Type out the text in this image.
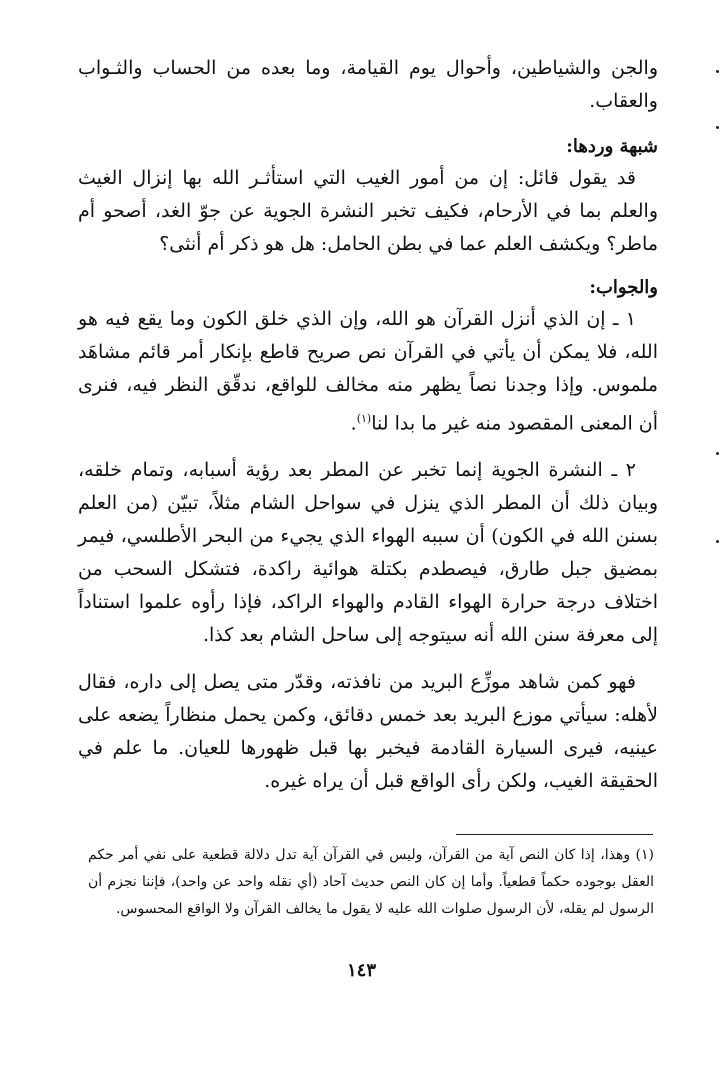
والجن والشياطين، وأحوال يوم القيامة، وما بعده من الحساب والثـواب والعقاب.

شبهة وردها:

قد يقول قائل: إن من أمور الغيب التي استأثـر الله بها إنزال الغيث والعلم بما في الأرحام، فكيف تخبر النشرة الجوية عن جوّ الغد، أصحو أم ماطر؟ ويكشف العلم عما في بطن الحامل: هل هو ذكر أم أنثى؟

والجواب:

١ ـ إن الذي أنزل القرآن هو الله، وإن الذي خلق الكون وما يقع فيه هو الله، فلا يمكن أن يأتي في القرآن نص صريح قاطع بإنكار أمر قائم مشاهَد ملموس. وإذا وجدنا نصاً يظهر منه مخالف للواقع، ندقّق النظر فيه، فنرى أن المعنى المقصود منه غير ما بدا لنا$^{(١)}$.

٢ ـ النشرة الجوية إنما تخبر عن المطر بعد رؤية أسبابه، وتمام خلقه، وبيان ذلك أن المطر الذي ينزل في سواحل الشام مثلاً، تبيّن (من العلم بسنن الله في الكون) أن سببه الهواء الذي يجيء من البحر الأطلسي، فيمر بمضيق جبل طارق، فيصطدم بكتلة هوائية راكدة، فتشكل السحب من اختلاف درجة حرارة الهواء القادم والهواء الراكد، فإذا رأوه علموا استناداً إلى معرفة سنن الله أنه سيتوجه إلى ساحل الشام بعد كذا.

فهو كمن شاهد موزِّع البريد من نافذته، وقدّر متى يصل إلى داره، فقال لأهله: سيأتي موزع البريد بعد خمس دقائق، وكمن يحمل منظاراً يضعه على عينيه، فيرى السيارة القادمة فيخبر بها قبل ظهورها للعيان. ما علم في الحقيقة الغيب، ولكن رأى الواقع قبل أن يراه غيره.

(١) وهذا، إذا كان النص آية من القرآن، وليس في القرآن آية تدل دلالة قطعية على نفي أمر حكم العقل بوجوده حكماً قطعياً. وأما إن كان النص حديث آحاد (أي نقله واحد عن واحد)، فإننا نجزم أن الرسول لم يقله، لأن الرسول صلوات الله عليه لا يقول ما يخالف القرآن ولا الواقع المحسوس.

١٤٣
